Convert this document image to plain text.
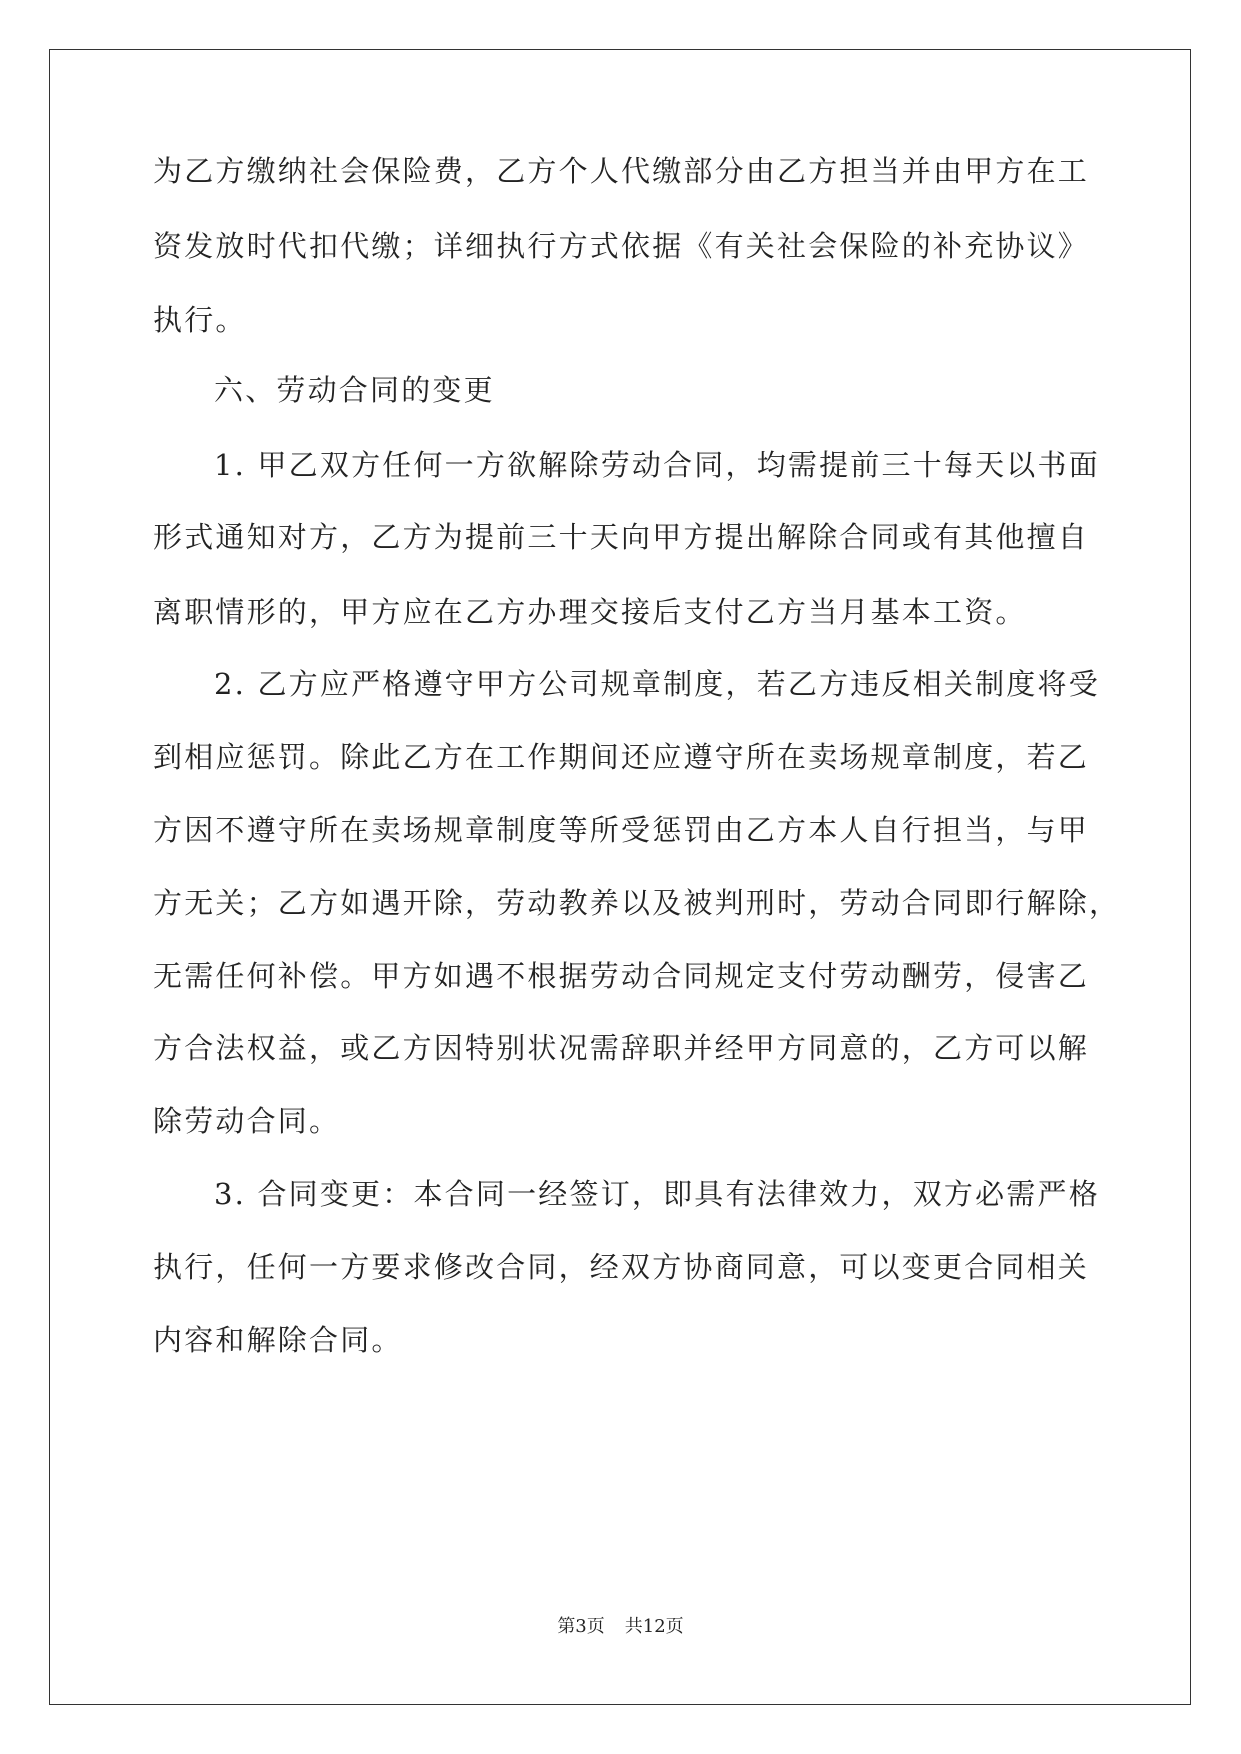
为乙方缴纳社会保险费，乙方个人代缴部分由乙方担当并由甲方在工
资发放时代扣代缴；详细执行方式依据《有关社会保险的补充协议》
执行。
六、劳动合同的变更
1. 甲乙双方任何一方欲解除劳动合同，均需提前三十每天以书面
形式通知对方，乙方为提前三十天向甲方提出解除合同或有其他擅自
离职情形的，甲方应在乙方办理交接后支付乙方当月基本工资。
2. 乙方应严格遵守甲方公司规章制度，若乙方违反相关制度将受
到相应惩罚。除此乙方在工作期间还应遵守所在卖场规章制度，若乙
方因不遵守所在卖场规章制度等所受惩罚由乙方本人自行担当，与甲
方无关；乙方如遇开除，劳动教养以及被判刑时，劳动合同即行解除，
无需任何补偿。甲方如遇不根据劳动合同规定支付劳动酬劳，侵害乙
方合法权益，或乙方因特别状况需辞职并经甲方同意的，乙方可以解
除劳动合同。
3. 合同变更：本合同一经签订，即具有法律效力，双方必需严格
执行，任何一方要求修改合同，经双方协商同意，可以变更合同相关
内容和解除合同。
第3页 共12页
